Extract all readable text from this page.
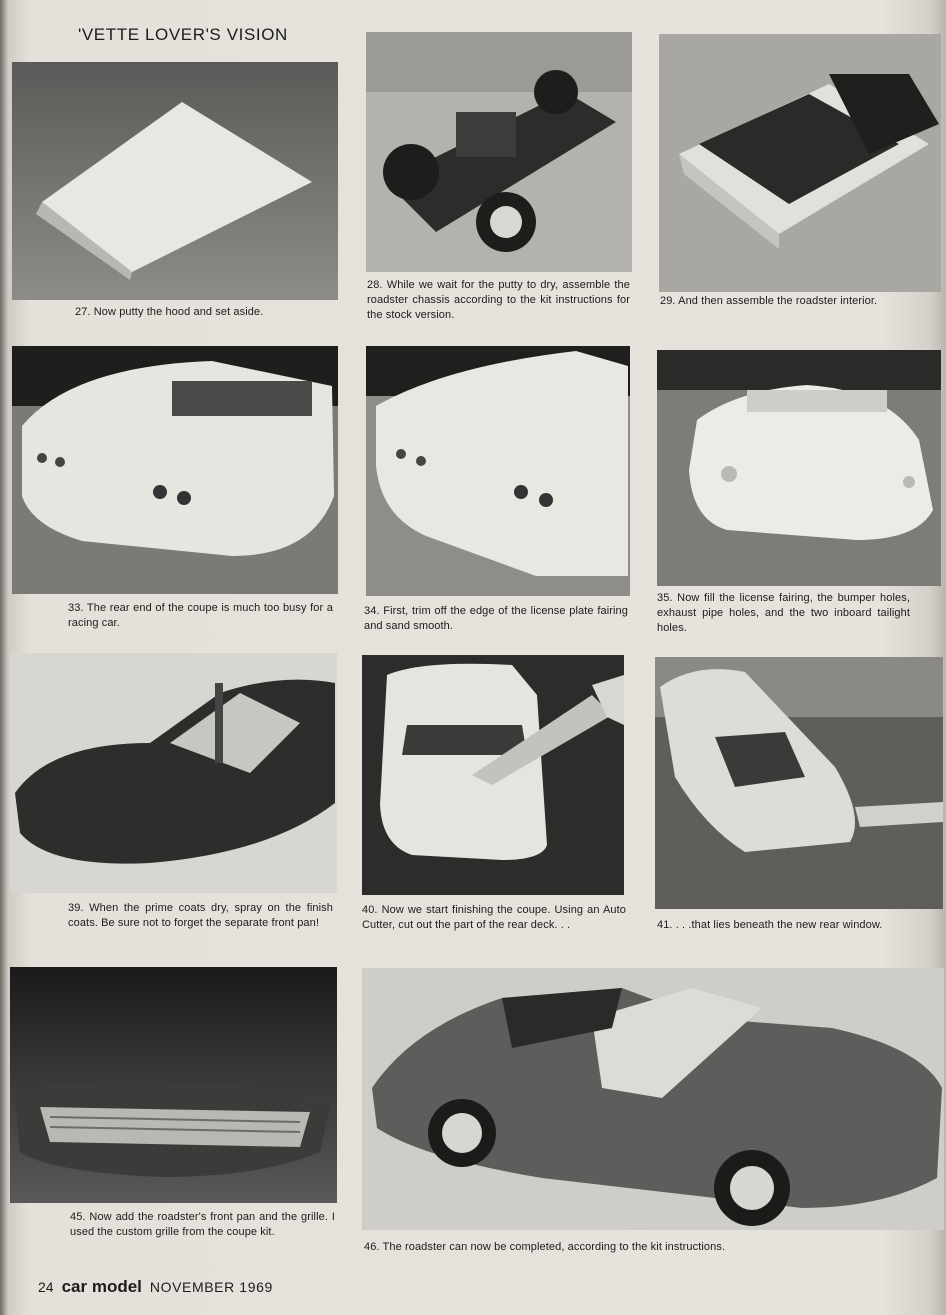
'VETTE LOVER'S VISION
27. Now putty the hood and set aside.
28. While we wait for the putty to dry, assemble the roadster chassis according to the kit instructions for the stock version.
29. And then assemble the roadster interior.
33. The rear end of the coupe is much too busy for a racing car.
34. First, trim off the edge of the license plate fairing and sand smooth.
35. Now fill the license fairing, the bumper holes, exhaust pipe holes, and the two inboard tailight holes.
39. When the prime coats dry, spray on the finish coats. Be sure not to forget the separate front pan!
40. Now we start finishing the coupe. Using an Auto Cutter, cut out the part of the rear deck. . .	41. . . .that lies beneath the new rear window.
45. Now add the roadster's front pan and the grille. I used the custom grille from the coupe kit.
46. The roadster can now be completed, according to the kit instructions.
24 car model NOVEMBER 1969
